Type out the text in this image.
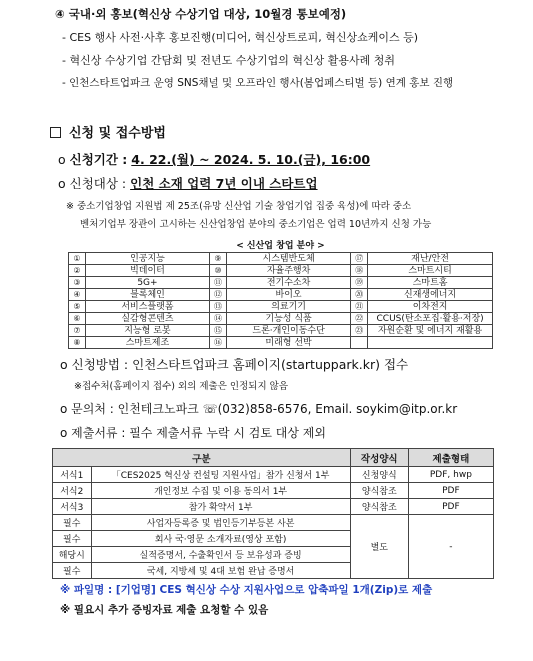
④ 국내·외 홍보(혁신상 수상기업 대상, 10월경 통보예정)
- CES 행사 사전·사후 홍보진행(미디어, 혁신상트로피, 혁신상쇼케이스 등)
- 혁신상 수상기업 간담회 및 전년도 수상기업의 혁신상 활용사례 청취
- 인천스타트업파크 운영 SNS채널 및 오프라인 행사(봄업페스티벌 등) 연계 홍보 진행
신청 및 접수방법
o 신청기간 : 4. 22.(월) ~ 2024. 5. 10.(금), 16:00
o 신청대상 : 인천 소재 업력 7년 이내 스타트업
※ 중소기업창업 지원법 제 25조(유망 신산업 기술 창업기업 집중 육성)에 따라 중소
벤처기업부 장관이 고시하는 신산업창업 분야의 중소기업은 업력 10년까지 신청 가능
< 신산업 창업 분야 >					
①	인공지능	⑨	시스템반도체	⑰	재난/안전
②	빅데이터	⑩	자율주행차	⑱	스마트시티
③	5G+	⑪	전기수소차	⑲	스마트홈
④	블록체인	⑫	바이오	⑳	신재생에너지
⑤	서비스플랫폼	⑬	의료기기	㉑	이차전지
⑥	실감형콘텐츠	⑭	기능성 식품	㉒	CCUS(탄소포집·활용·저장)
⑦	지능형 로봇	⑮	드론·개인이동수단	㉓	자원순환 및 에너지 재활용
⑧	스마트제조	⑯	미래형 선박		
o 신청방법 : 인천스타트업파크 홈페이지(startuppark.kr) 접수
※접수처(홈페이지 접수) 외의 제출은 인정되지 않음
o 문의처 : 인천테크노파크 ☏(032)858-6576, Email. soykim@itp.or.kr
o 제출서류 : 필수 제출서류 누락 시 검토 대상 제외
구분		작성양식	제출형태
서식1	「CES2025 혁신상 컨설팅 지원사업」참가 신청서 1부	신청양식	PDF, hwp
서식2	개인정보 수집 및 이용 동의서 1부	양식참조	PDF
서식3	참가 확약서 1부	양식참조	PDF
필수	사업자등록증 및 법인등기부등본 사본	별도	-
필수	회사 국·영문 소개자료(영상 포함)		
해당시	실적증명서, 수출확인서 등 보유성과 증빙		
필수	국세, 지방세 및 4대 보험 완납 증명서		
※ 파일명 : [기업명] CES 혁신상 수상 지원사업으로 압축파일 1개(Zip)로 제출
※ 필요시 추가 증빙자료 제출 요청할 수 있음
